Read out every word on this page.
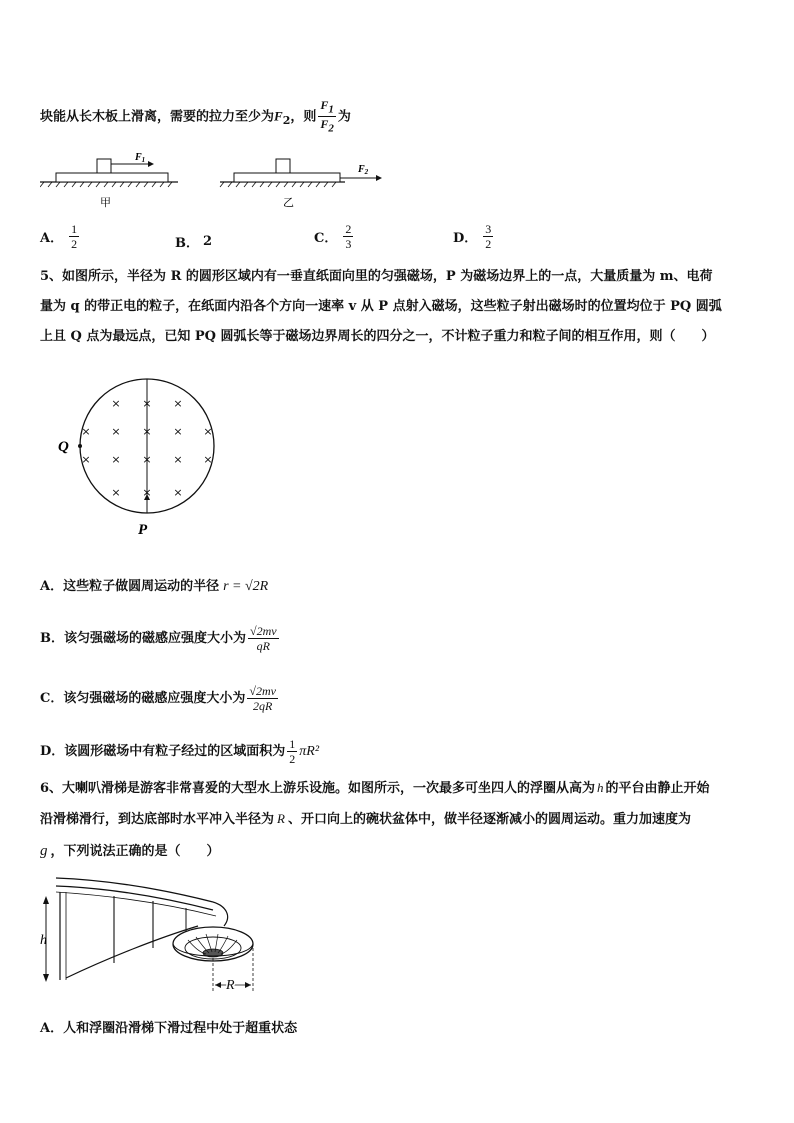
块能从长木板上滑离，需要的拉力至少为$F_2$，则 $\frac{F_1}{F_2}$ 为
$F_1$
甲
$F_2$
乙
A． $\frac{1}{2}$	B． 2	C． $\frac{2}{3}$	D． $\frac{3}{2}$
5、如图所示，半径为 R 的圆形区域内有一垂直纸面向里的匀强磁场，P 为磁场边界上的一点，大量质量为 m、电荷
量为 q 的带正电的粒子，在纸面内沿各个方向一速率 v 从 P 点射入磁场，这些粒子射出磁场时的位置均位于 PQ 圆弧
上且 Q 点为最远点，已知 PQ 圆弧长等于磁场边界周长的四分之一，不计粒子重力和粒子间的相互作用，则（　　）
× × ×
× × × × ×
× × × × ×
× × ×
Q
P
A．这些粒子做圆周运动的半径 r = √2R
B．该匀强磁场的磁感应强度大小为 $\frac{√2mv}{qR}$
C．该匀强磁场的磁感应强度大小为 $\frac{√2mv}{2qR}$
D．该圆形磁场中有粒子经过的区域面积为 $\frac{1}{2} \pi R^2$
6、大喇叭滑梯是游客非常喜爱的大型水上游乐设施。如图所示，一次最多可坐四人的浮圈从高为 h 的平台由静止开始
沿滑梯滑行，到达底部时水平冲入半径为 R 、开口向上的碗状盆体中，做半径逐渐减小的圆周运动。重力加速度为
g ，下列说法正确的是（　　）
h
R
A．人和浮圈沿滑梯下滑过程中处于超重状态
